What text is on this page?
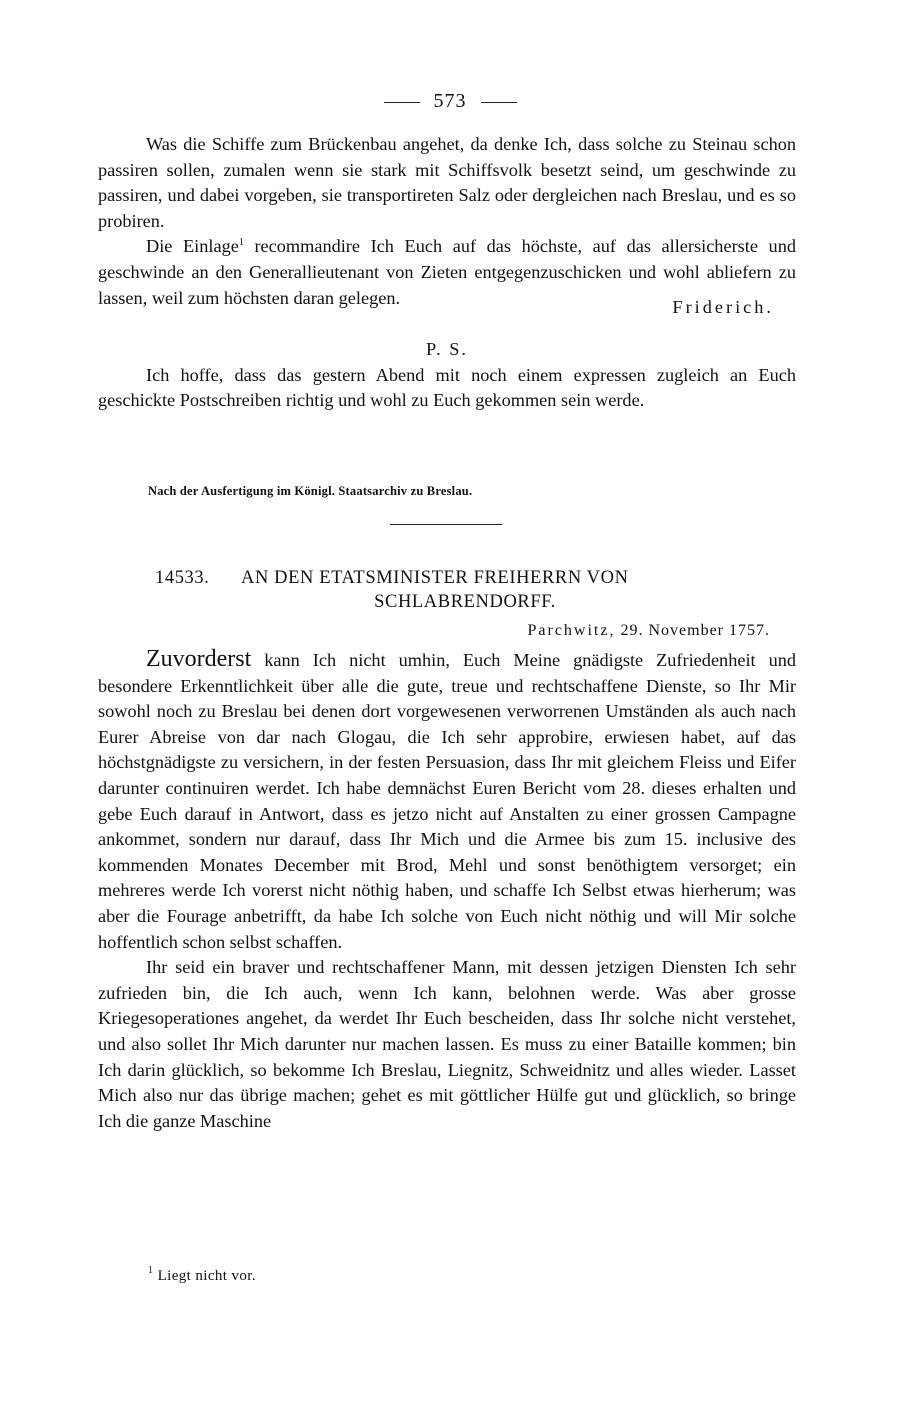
573

Was die Schiffe zum Brückenbau angehet, da denke Ich, dass solche zu Steinau schon passiren sollen, zumalen wenn sie stark mit Schiffsvolk besetzt seind, um geschwinde zu passiren, und dabei vorgeben, sie transportireten Salz oder dergleichen nach Breslau, und es so probiren.

Die Einlage$^1$ recommandire Ich Euch auf das höchste, auf das allersicherste und geschwinde an den Generallieutenant von Zieten entgegenzuschicken und wohl abliefern zu lassen, weil zum höchsten daran gelegen.	Friderich.

P. S.

Ich hoffe, dass das gestern Abend mit noch einem expressen zugleich an Euch geschickte Postschreiben richtig und wohl zu Euch gekommen sein werde.

Nach der Ausfertigung im Königl. Staatsarchiv zu Breslau.
14533. AN DEN ETATSMINISTER FREIHERRN VON
SCHLABRENDORFF.
Parchwitz, 29. November 1757.

Zuvorderst kann Ich nicht umhin, Euch Meine gnädigste Zufriedenheit und besondere Erkenntlichkeit über alle die gute, treue und rechtschaffene Dienste, so Ihr Mir sowohl noch zu Breslau bei denen dort vorgewesenen verworrenen Umständen als auch nach Eurer Abreise von dar nach Glogau, die Ich sehr approbire, erwiesen habet, auf das höchstgnädigste zu versichern, in der festen Persuasion, dass Ihr mit gleichem Fleiss und Eifer darunter continuiren werdet. Ich habe demnächst Euren Bericht vom 28. dieses erhalten und gebe Euch darauf in Antwort, dass es jetzo nicht auf Anstalten zu einer grossen Campagne ankommet, sondern nur darauf, dass Ihr Mich und die Armee bis zum 15. inclusive des kommenden Monates December mit Brod, Mehl und sonst benöthigtem versorget; ein mehreres werde Ich vorerst nicht nöthig haben, und schaffe Ich Selbst etwas hierherum; was aber die Fourage anbetrifft, da habe Ich solche von Euch nicht nöthig und will Mir solche hoffentlich schon selbst schaffen.

Ihr seid ein braver und rechtschaffener Mann, mit dessen jetzigen Diensten Ich sehr zufrieden bin, die Ich auch, wenn Ich kann, belohnen werde. Was aber grosse Kriegesoperationes angehet, da werdet Ihr Euch bescheiden, dass Ihr solche nicht verstehet, und also sollet Ihr Mich darunter nur machen lassen. Es muss zu einer Bataille kommen; bin Ich darin glücklich, so bekomme Ich Breslau, Liegnitz, Schweidnitz und alles wieder. Lasset Mich also nur das übrige machen; gehet es mit göttlicher Hülfe gut und glücklich, so bringe Ich die ganze Maschine

$^1$ Liegt nicht vor.
